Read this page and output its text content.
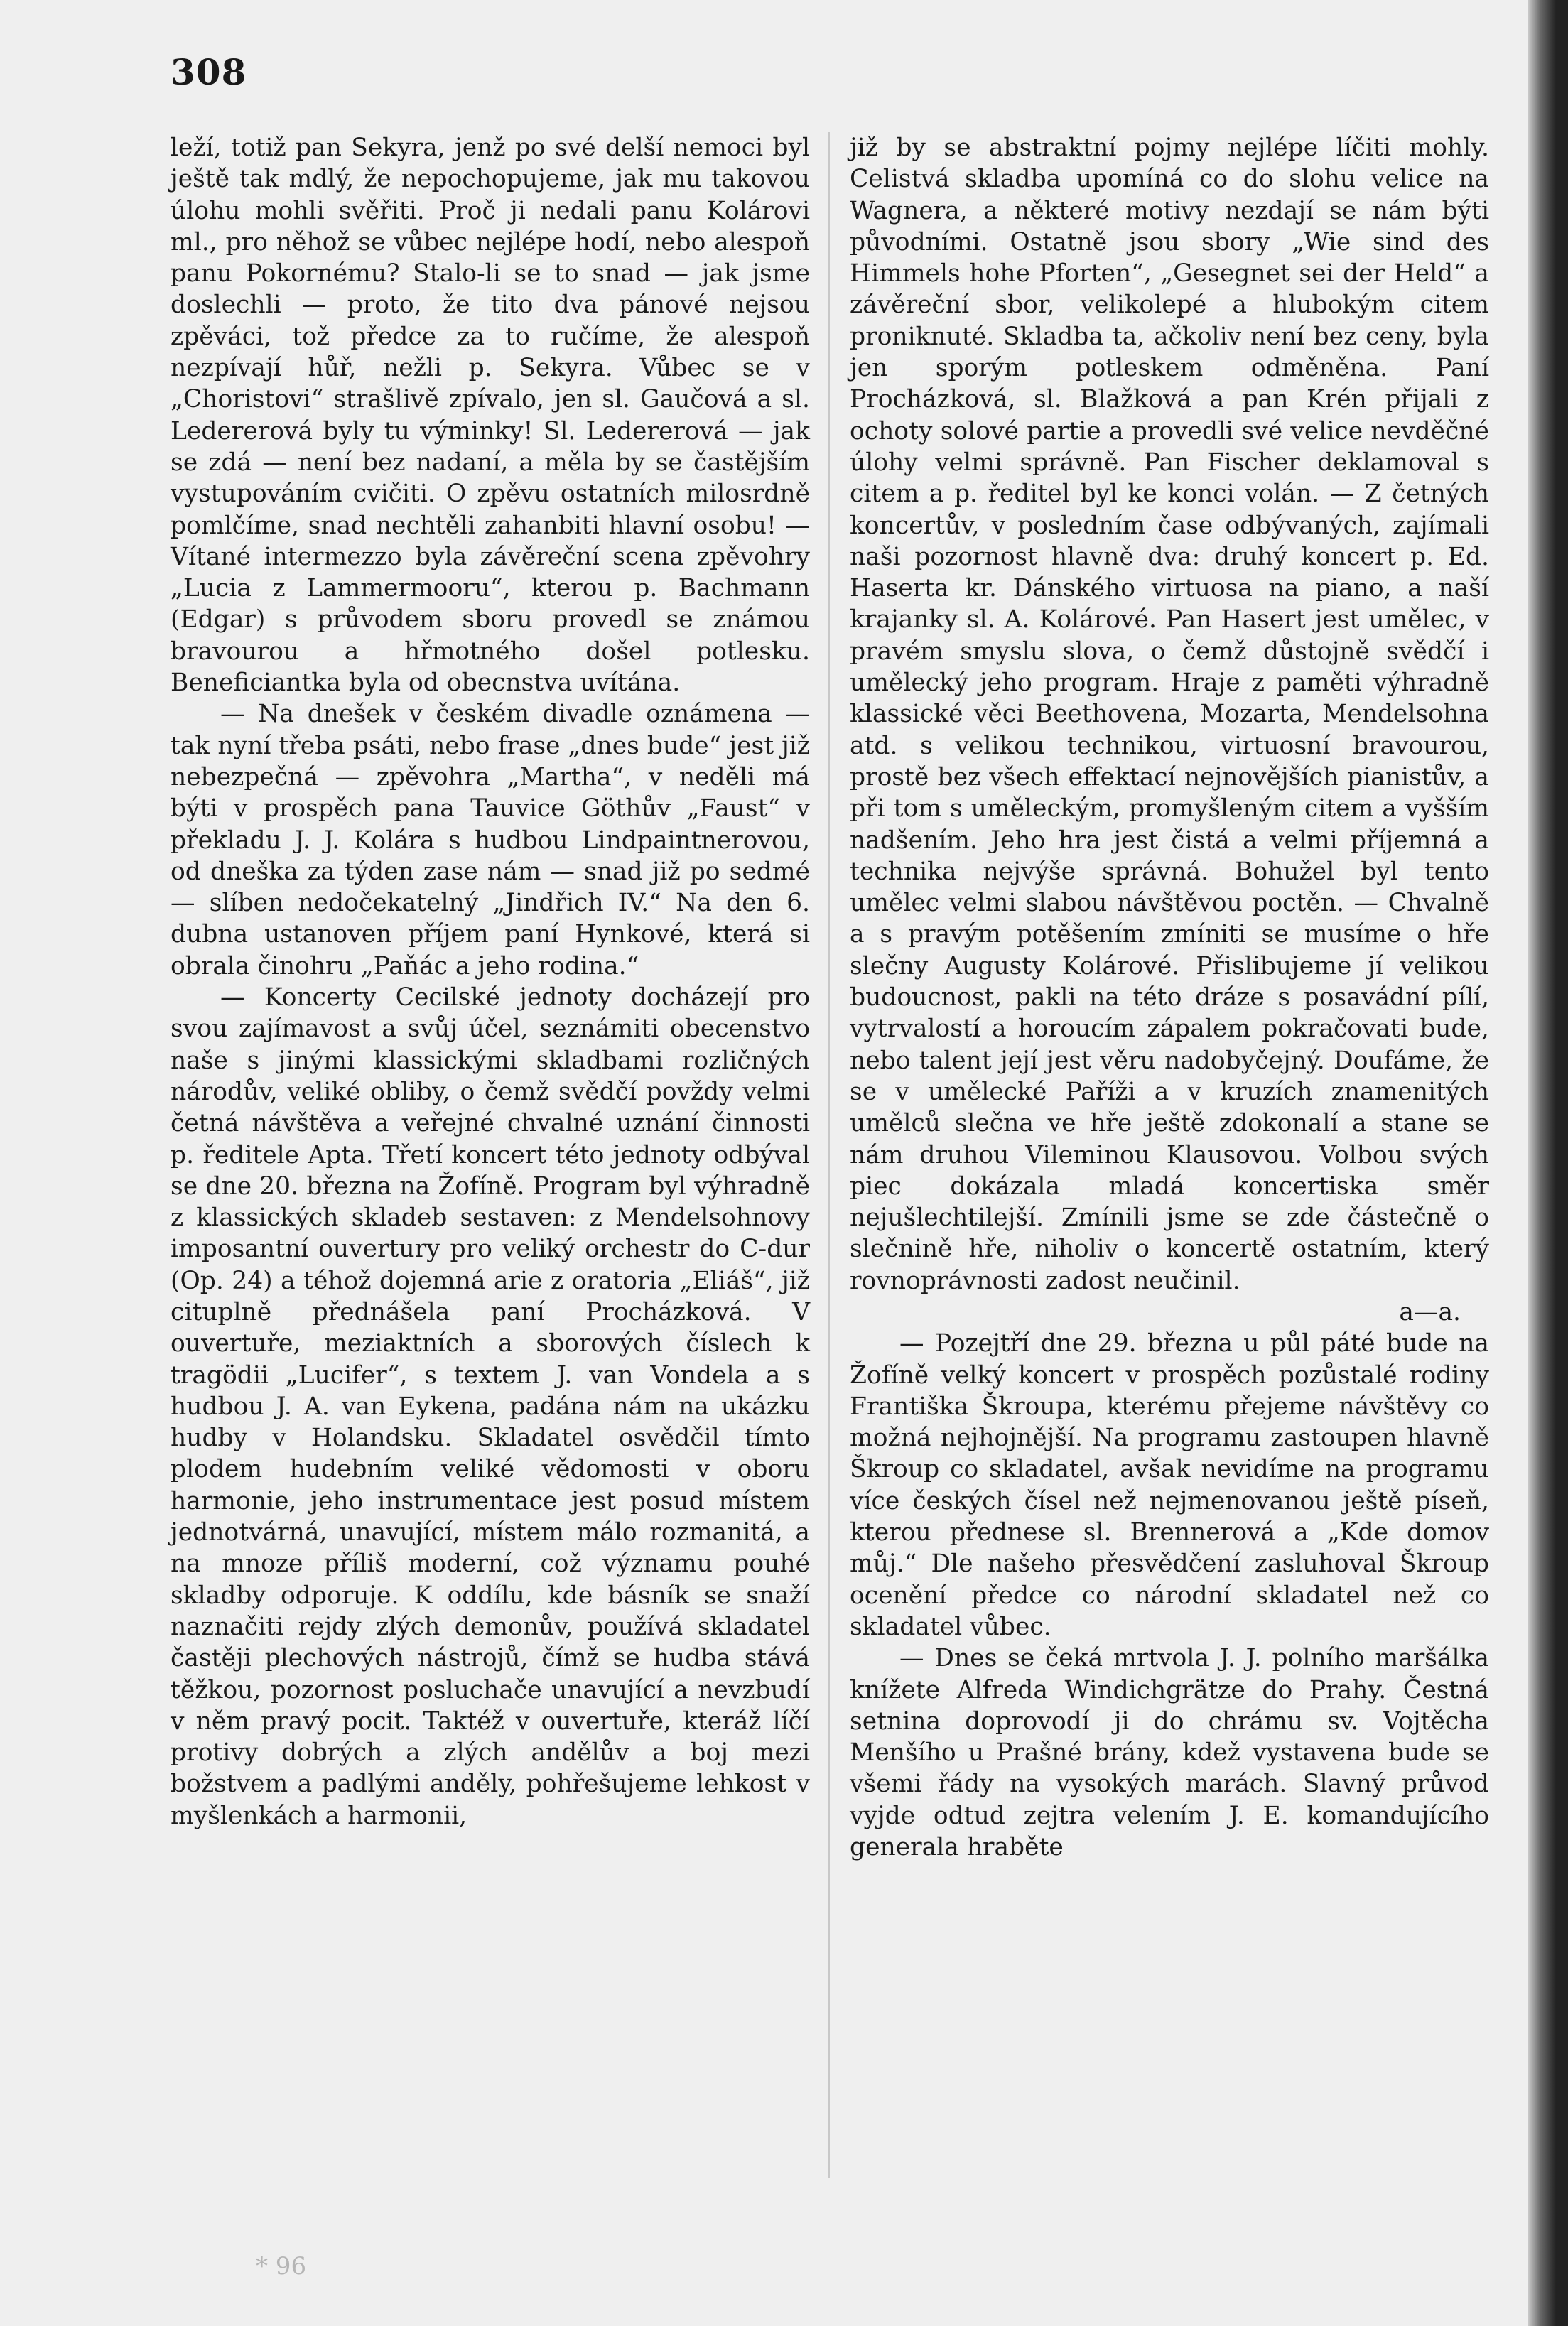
308

leží, totiž pan Sekyra, jenž po své delší nemoci byl ještě tak mdlý, že nepochopujeme, jak mu takovou úlohu mohli svěřiti. Proč ji nedali panu Kolárovi ml., pro něhož se vůbec nejlépe hodí, nebo alespoň panu Pokornému? Stalo-li se to snad — jak jsme doslechli — proto, že tito dva pánové nejsou zpěváci, tož předce za to ručíme, že alespoň nezpívají hůř, nežli p. Sekyra. Vůbec se v „Choristovi“ strašlivě zpívalo, jen sl. Gaučová a sl. Ledererová byly tu výminky! Sl. Ledererová — jak se zdá — není bez nadaní, a měla by se častějším vystupováním cvičiti. O zpěvu ostatních milosrdně pomlčíme, snad nechtěli zahanbiti hlavní osobu! — Vítané intermezzo byla závěreční scena zpěvohry „Lucia z Lammermooru“, kterou p. Bachmann (Edgar) s průvodem sboru provedl se známou bravourou a hřmotného došel potlesku. Beneficiantka byla od obecnstva uvítána.

— Na dnešek v českém divadle oznámena — tak nyní třeba psáti, nebo frase „dnes bude“ jest již nebezpečná — zpěvohra „Martha“, v neděli má býti v prospěch pana Tauvice Göthův „Faust“ v překladu J. J. Kolára s hudbou Lindpaintnerovou, od dneška za týden zase nám — snad již po sedmé — slíben nedočekatelný „Jindřich IV.“ Na den 6. dubna ustanoven příjem paní Hynkové, která si obrala činohru „Paňác a jeho rodina.“

— Koncerty Cecilské jednoty docházejí pro svou zajímavost a svůj účel, seznámiti obecenstvo naše s jinými klassickými skladbami rozličných národův, veliké obliby, o čemž svědčí povždy velmi četná návštěva a veřejné chvalné uznání činnosti p. ředitele Apta. Třetí koncert této jednoty odbýval se dne 20. března na Žofíně. Program byl výhradně z klassických skladeb sestaven: z Mendelsohnovy imposantní ouvertury pro veliký orchestr do C-dur (Op. 24) a téhož dojemná arie z oratoria „Eliáš“, již cituplně přednášela paní Procházková. V ouvertuře, meziaktních a sborových číslech k tragödii „Lucifer“, s textem J. van Vondela a s hudbou J. A. van Eykena, padána nám na ukázku hudby v Holandsku. Skladatel osvědčil tímto plodem hudebním veliké vědomosti v oboru harmonie, jeho instrumentace jest posud místem jednotvárná, unavující, místem málo rozmanitá, a na mnoze příliš moderní, což významu pouhé skladby odporuje. K oddílu, kde básník se snaží naznačiti rejdy zlých demonův, používá skladatel častěji plechových nástrojů, čímž se hudba stává těžkou, pozornost posluchače unavující a nevzbudí v něm pravý pocit. Taktéž v ouvertuře, kteráž líčí protivy dobrých a zlých andělův a boj mezi božstvem a padlými anděly, pohřešujeme lehkost v myšlenkách a harmonii,

již by se abstraktní pojmy nejlépe líčiti mohly. Celistvá skladba upomíná co do slohu velice na Wagnera, a některé motivy nezdají se nám býti původními. Ostatně jsou sbory „Wie sind des Himmels hohe Pforten“, „Gesegnet sei der Held“ a závěreční sbor, velikolepé a hlubokým citem proniknuté. Skladba ta, ačkoliv není bez ceny, byla jen sporým potleskem odměněna. Paní Procházková, sl. Blažková a pan Krén přijali z ochoty solové partie a provedli své velice nevděčné úlohy velmi správně. Pan Fischer deklamoval s citem a p. ředitel byl ke konci volán. — Z četných koncertův, v posledním čase odbývaných, zajímali naši pozornost hlavně dva: druhý koncert p. Ed. Haserta kr. Dánského virtuosa na piano, a naší krajanky sl. A. Kolárové. Pan Hasert jest umělec, v pravém smyslu slova, o čemž důstojně svědčí i umělecký jeho program. Hraje z paměti výhradně klassické věci Beethovena, Mozarta, Mendelsohna atd. s velikou technikou, virtuosní bravourou, prostě bez všech effektací nejnovějších pianistův, a při tom s uměleckým, promyšleným citem a vyšším nadšením. Jeho hra jest čistá a velmi příjemná a technika nejvýše správná. Bohužel byl tento umělec velmi slabou návštěvou poctěn. — Chvalně a s pravým potěšením zmíniti se musíme o hře slečny Augusty Kolárové. Přislibujeme jí velikou budoucnost, pakli na této dráze s posavádní pílí, vytrvalostí a horoucím zápalem pokračovati bude, nebo talent její jest věru nadobyčejný. Doufáme, že se v umělecké Paříži a v kruzích znamenitých umělců slečna ve hře ještě zdokonalí a stane se nám druhou Vileminou Klausovou. Volbou svých piec dokázala mladá koncertiska směr nejušlechtilejší. Zmínili jsme se zde částečně o slečnině hře, niholiv o koncertě ostatním, který rovnoprávnosti zadost neučinil.

a—a.

— Pozejtří dne 29. března u půl páté bude na Žofíně velký koncert v prospěch pozůstalé rodiny Františka Škroupa, kterému přejeme návštěvy co možná nejhojnější. Na programu zastoupen hlavně Škroup co skladatel, avšak nevidíme na programu více českých čísel než nejmenovanou ještě píseň, kterou přednese sl. Brennerová a „Kde domov můj.“ Dle našeho přesvědčení zasluhoval Škroup ocenění předce co národní skladatel než co skladatel vůbec.

— Dnes se čeká mrtvola J. J. polního maršálka knížete Alfreda Windichgrätze do Prahy. Čestná setnina doprovodí ji do chrámu sv. Vojtěcha Menšího u Prašné brány, kdež vystavena bude se všemi řády na vysokých marách. Slavný průvod vyjde odtud zejtra velením J. E. komandujícího generala hraběte

* 96
